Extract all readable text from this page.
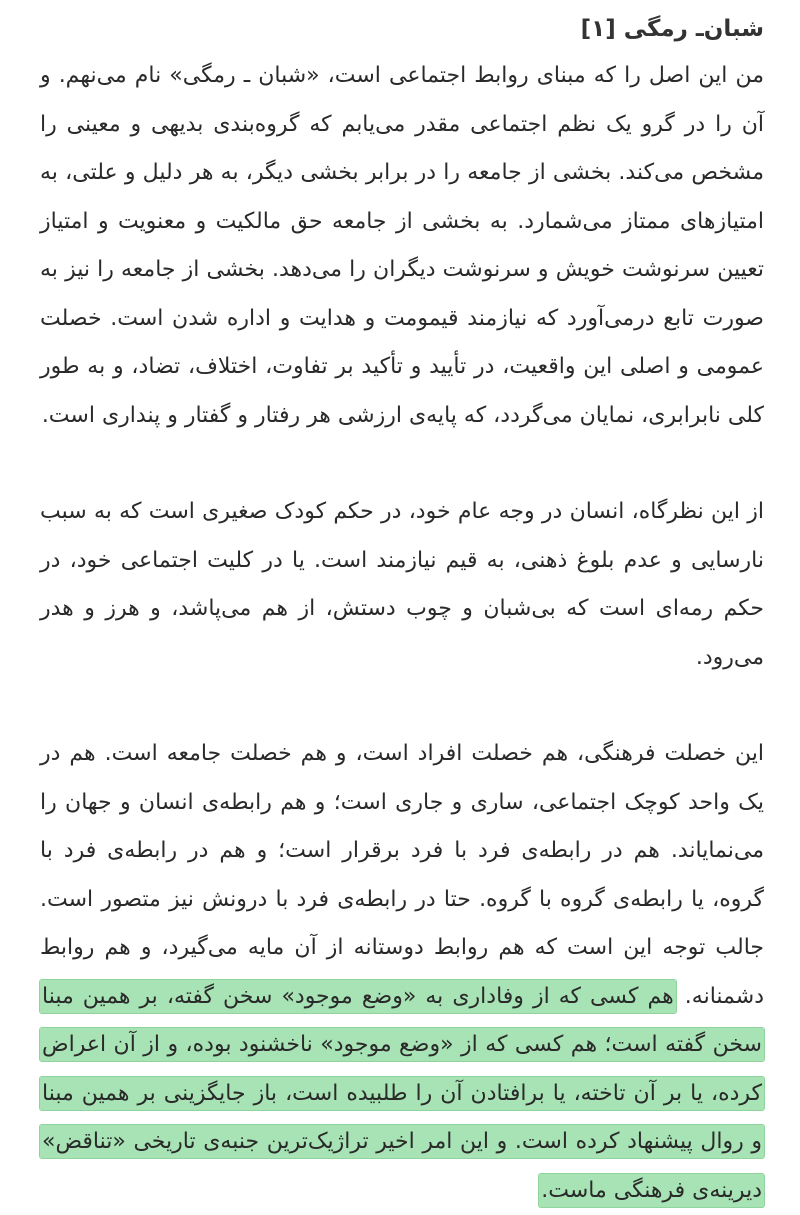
شبان‌ـ رمگی [۱]

من این اصل را که مبنای روابط اجتماعی است، «شبان ـ رمگی» نام می‌نهم. و آن را در گرو یک نظم اجتماعی مقدر می‌یابم که گروه‌بندی بدیهی و معینی را مشخص می‌کند. بخشی از جامعه را در برابر بخشی دیگر، به هر دلیل و علتی، به امتیازهای ممتاز می‌شمارد. به بخشی از جامعه حق مالکیت و معنویت و امتیاز تعیین سرنوشت خویش و سرنوشت دیگران را می‌دهد. بخشی از جامعه را نیز به صورت تابع درمی‌آورد که نیازمند قیمومت و هدایت و اداره شدن است. خصلت عمومی و اصلی این واقعیت، در تأیید و تأکید بر تفاوت، اختلاف، تضاد، و به طور کلی نابرابری، نمایان می‌گردد، که پایه‌ی ارزشی هر رفتار و گفتار و پنداری است.

از این نظرگاه، انسان در وجه عام خود، در حکم کودک صغیری است که به سبب نارسایی و عدم بلوغ ذهنی، به قیم نیازمند است. یا در کلیت اجتماعی خود، در حکم رمه‌ای است که بی‌شبان و چوب دستش، از هم می‌پاشد، و هرز و هدر می‌رود.

این خصلت فرهنگی، هم خصلت افراد است، و هم خصلت جامعه است. هم در یک واحد کوچک اجتماعی، ساری و جاری است؛ و هم رابطه‌ی انسان و جهان را می‌نمایاند. هم در رابطه‌ی فرد با فرد برقرار است؛ و هم در رابطه‌ی فرد با گروه، یا رابطه‌ی گروه با گروه. حتا در رابطه‌ی فرد با درونش نیز متصور است. جالب توجه این است که هم روابط دوستانه از آن مایه می‌گیرد، و هم روابط دشمنانه. هم کسی که از وفاداری به «وضع موجود» سخن گفته، بر همین مبنا سخن گفته است؛ هم کسی که از «وضع موجود» ناخشنود بوده، و از آن اعراض کرده، یا بر آن تاخته، یا برافتادن آن را طلبیده است، باز جایگزینی بر همین مبنا و روال پیشنهاد کرده است. و این امر اخیر تراژیک‌ترین جنبه‌ی تاریخی «تناقض» دیرینه‌ی فرهنگی ماست.
